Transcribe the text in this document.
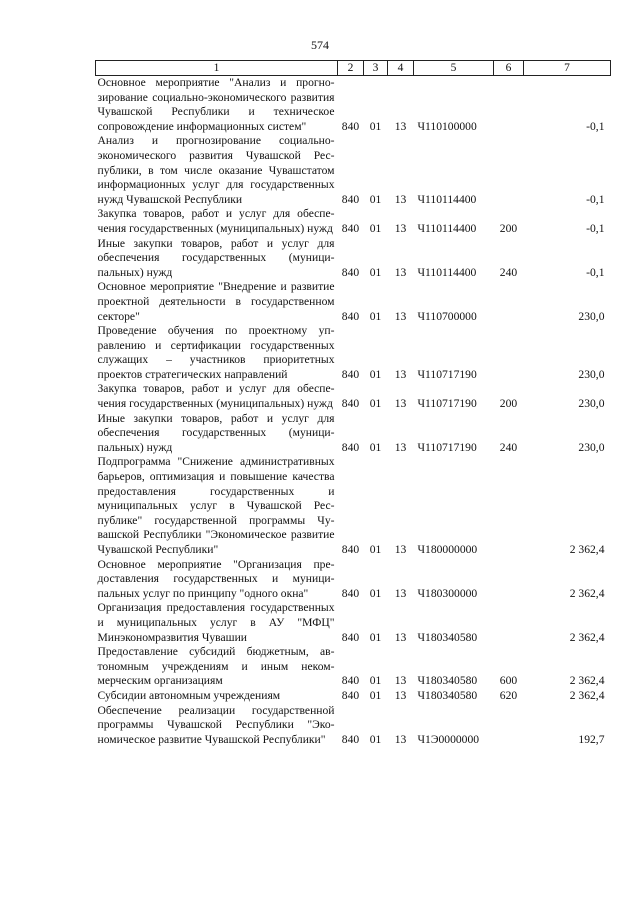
574
1	2	3	4	5	6	7
Основное мероприятие "Анализ и прогнозирование социально-экономического развития Чувашской Республики и техническое сопровождение информационных систем"	840	01	13	Ч110100000		-0,1
Анализ и прогнозирование социально-экономического развития Чувашской Республики, в том числе оказание Чувашстатом информационных услуг для государственных нужд Чувашской Республики	840	01	13	Ч110114400		-0,1
Закупка товаров, работ и услуг для обеспечения государственных (муниципальных) нужд	840	01	13	Ч110114400	200	-0,1
Иные закупки товаров, работ и услуг для обеспечения государственных (муниципальных) нужд	840	01	13	Ч110114400	240	-0,1
Основное мероприятие "Внедрение и развитие проектной деятельности в государственном секторе"	840	01	13	Ч110700000		230,0
Проведение обучения по проектному управлению и сертификации государственных служащих – участников приоритетных проектов стратегических направлений	840	01	13	Ч110717190		230,0
Закупка товаров, работ и услуг для обеспечения государственных (муниципальных) нужд	840	01	13	Ч110717190	200	230,0
Иные закупки товаров, работ и услуг для обеспечения государственных (муниципальных) нужд	840	01	13	Ч110717190	240	230,0
Подпрограмма "Снижение административных барьеров, оптимизация и повышение качества предоставления государственных и муниципальных услуг в Чувашской Республике" государственной программы Чувашской Республики "Экономическое развитие Чувашской Республики"	840	01	13	Ч180000000		2 362,4
Основное мероприятие "Организация предоставления государственных и муниципальных услуг по принципу "одного окна"	840	01	13	Ч180300000		2 362,4
Организация предоставления государственных и муниципальных услуг в АУ "МФЦ" Минэкономразвития Чувашии	840	01	13	Ч180340580		2 362,4
Предоставление субсидий бюджетным, автономным учреждениям и иным некоммерческим организациям	840	01	13	Ч180340580	600	2 362,4
Субсидии автономным учреждениям	840	01	13	Ч180340580	620	2 362,4
Обеспечение реализации государственной программы Чувашской Республики "Экономическое развитие Чувашской Республики"	840	01	13	Ч1Э0000000		192,7
